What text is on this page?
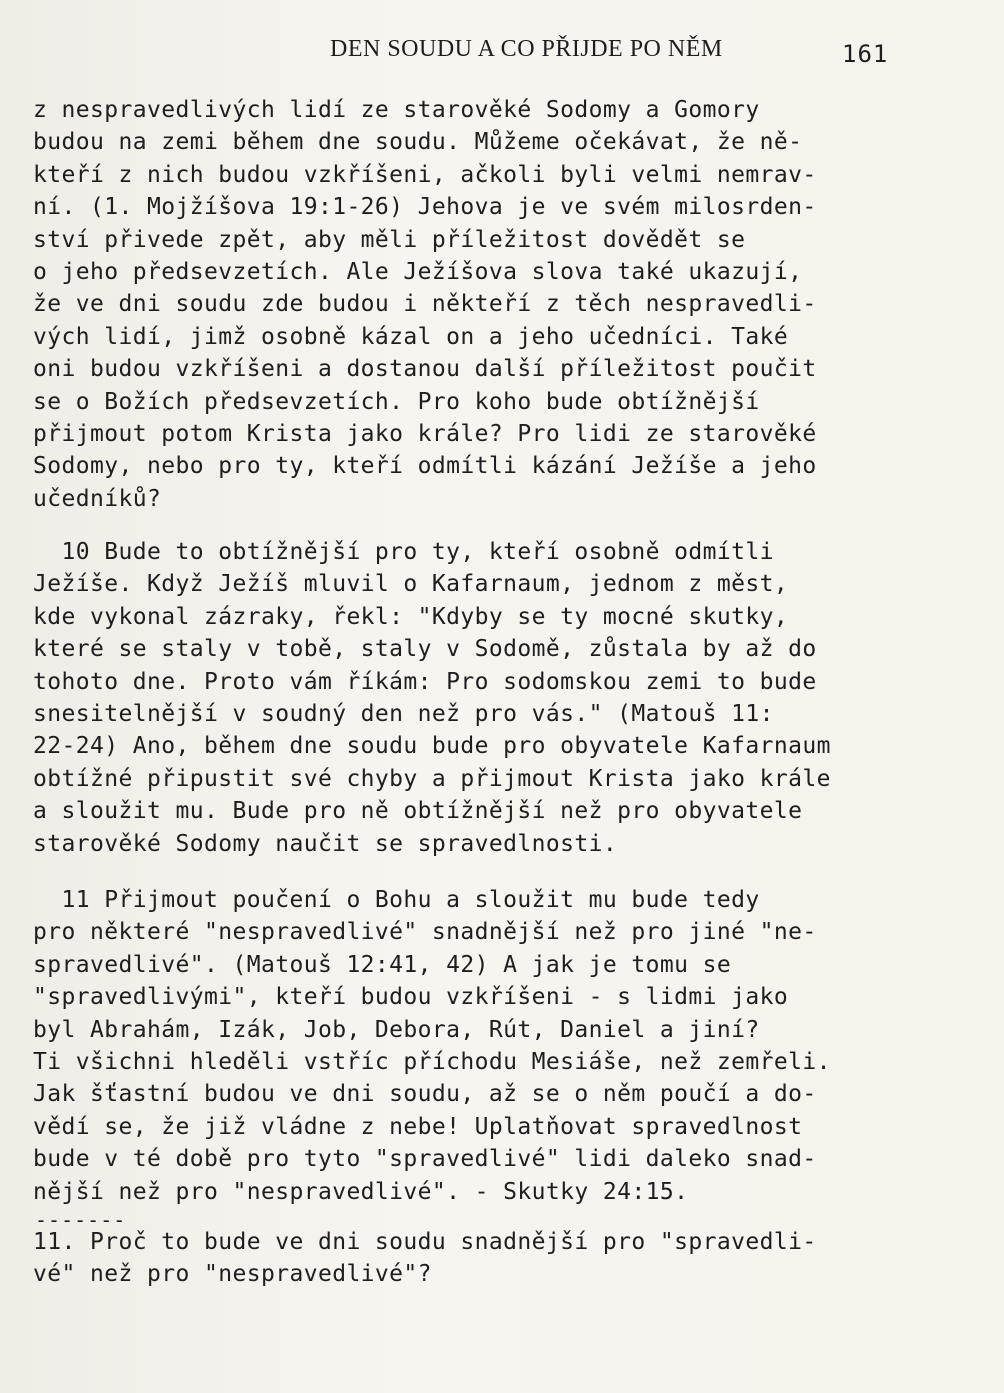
DEN SOUDU A CO PŘIJDE PO NĚM	161
z nespravedlivých lidí ze starověké Sodomy a Gomory
budou na zemi během dne soudu. Můžeme očekávat, že ně-
kteří z nich budou vzkříšeni, ačkoli byli velmi nemrav-
ní. (1. Mojžíšova 19:1-26) Jehova je ve svém milosrden-
ství přivede zpět, aby měli příležitost dovědět se
o jeho předsevzetích. Ale Ježíšova slova také ukazují,
že ve dni soudu zde budou i někteří z těch nespravedli-
vých lidí, jimž osobně kázal on a jeho učedníci. Také
oni budou vzkříšeni a dostanou další příležitost poučit
se o Božích předsevzetích. Pro koho bude obtížnější
přijmout potom Krista jako krále? Pro lidi ze starověké
Sodomy, nebo pro ty, kteří odmítli kázání Ježíše a jeho
učedníků?
10 Bude to obtížnější pro ty, kteří osobně odmítli
Ježíše. Když Ježíš mluvil o Kafarnaum, jednom z měst,
kde vykonal zázraky, řekl: "Kdyby se ty mocné skutky,
které se staly v tobě, staly v Sodomě, zůstala by až do
tohoto dne. Proto vám říkám: Pro sodomskou zemi to bude
snesitelnější v soudný den než pro vás." (Matouš 11:
22-24) Ano, během dne soudu bude pro obyvatele Kafarnaum
obtížné připustit své chyby a přijmout Krista jako krále
a sloužit mu. Bude pro ně obtížnější než pro obyvatele
starověké Sodomy naučit se spravedlnosti.
11 Přijmout poučení o Bohu a sloužit mu bude tedy
pro některé "nespravedlivé" snadnější než pro jiné "ne-
spravedlivé". (Matouš 12:41, 42) A jak je tomu se
"spravedlivými", kteří budou vzkříšeni - s lidmi jako
byl Abrahám, Izák, Job, Debora, Rút, Daniel a jiní?
Ti všichni hleděli vstříc příchodu Mesiáše, než zemřeli.
Jak šťastní budou ve dni soudu, až se o něm poučí a do-
vědí se, že již vládne z nebe! Uplatňovat spravedlnost
bude v té době pro tyto "spravedlivé" lidi daleko snad-
nější než pro "nespravedlivé". - Skutky 24:15.
-------
11. Proč to bude ve dni soudu snadnější pro "spravedli-
vé" než pro "nespravedlivé"?
